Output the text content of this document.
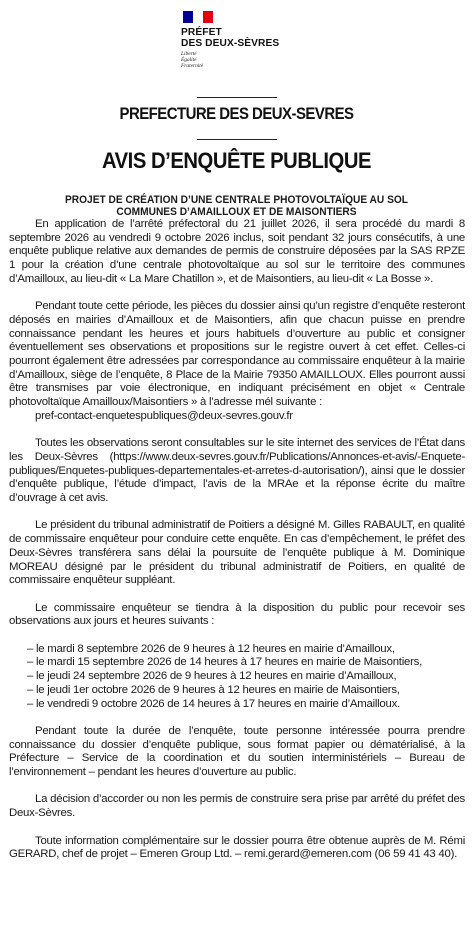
PRÉFET
DES DEUX-SÈVRES
Liberté
Égalité
Fraternité
PREFECTURE DES DEUX-SEVRES
AVIS D’ENQUÊTE PUBLIQUE
PROJET DE CRÉATION D’UNE CENTRALE PHOTOVOLTAÏQUE AU SOL
COMMUNES D’AMAILLOUX ET DE MAISONTIERS

En application de l’arrêté préfectoral du 21 juillet 2026, il sera procédé du mardi 8 septembre 2026 au vendredi 9 octobre 2026 inclus, soit pendant 32 jours consécutifs, à une enquête publique relative aux demandes de permis de construire déposées par la SAS RPZE 1 pour la création d’une centrale photovoltaïque au sol sur le territoire des communes d’Amailloux, au lieu-dit « La Mare Chatillon », et de Maisontiers, au lieu-dit « La Bosse ».

Pendant toute cette période, les pièces du dossier ainsi qu’un registre d’enquête resteront déposés en mairies d’Amailloux et de Maisontiers, afin que chacun puisse en prendre connaissance pendant les heures et jours habituels d’ouverture au public et consigner éventuellement ses observations et propositions sur le registre ouvert à cet effet. Celles-ci pourront également être adressées par correspondance au commissaire enquêteur à la mairie d’Amailloux, siège de l’enquête, 8 Place de la Mairie 79350 AMAILLOUX. Elles pourront aussi être transmises par voie électronique, en indiquant précisément en objet « Centrale photovoltaïque Amailloux/Maisontiers » à l’adresse mél suivante :

pref-contact-enquetespubliques@deux-sevres.gouv.fr

Toutes les observations seront consultables sur le site internet des services de l’État dans les Deux-Sèvres (https://www.deux-sevres.gouv.fr/Publications/Annonces-et-avis/-Enquete-publiques/Enquetes-publiques-departementales-et-arretes-d-autorisation/), ainsi que le dossier d’enquête publique, l’étude d’impact, l’avis de la MRAe et la réponse écrite du maître d’ouvrage à cet avis.

Le président du tribunal administratif de Poitiers a désigné M. Gilles RABAULT, en qualité de commissaire enquêteur pour conduire cette enquête. En cas d’empêchement, le préfet des Deux-Sèvres transférera sans délai la poursuite de l’enquête publique à M. Dominique MOREAU désigné par le président du tribunal administratif de Poitiers, en qualité de commissaire enquêteur suppléant.

Le commissaire enquêteur se tiendra à la disposition du public pour recevoir ses observations aux jours et heures suivants :

– le mardi 8 septembre 2026 de 9 heures à 12 heures en mairie d’Amailloux,
– le mardi 15 septembre 2026 de 14 heures à 17 heures en mairie de Maisontiers,
– le jeudi 24 septembre 2026 de 9 heures à 12 heures en mairie d’Amailloux,
– le jeudi 1er octobre 2026 de 9 heures à 12 heures en mairie de Maisontiers,
– le vendredi 9 octobre 2026 de 14 heures à 17 heures en mairie d’Amailloux.

Pendant toute la durée de l’enquête, toute personne intéressée pourra prendre connaissance du dossier d’enquête publique, sous format papier ou dématérialisé, à la Préfecture – Service de la coordination et du soutien interministériels – Bureau de l’environnement – pendant les heures d’ouverture au public.

La décision d’accorder ou non les permis de construire sera prise par arrêté du préfet des Deux-Sèvres.

Toute information complémentaire sur le dossier pourra être obtenue auprès de M. Rémi GERARD, chef de projet – Emeren Group Ltd. – remi.gerard@emeren.com (06 59 41 43 40).
